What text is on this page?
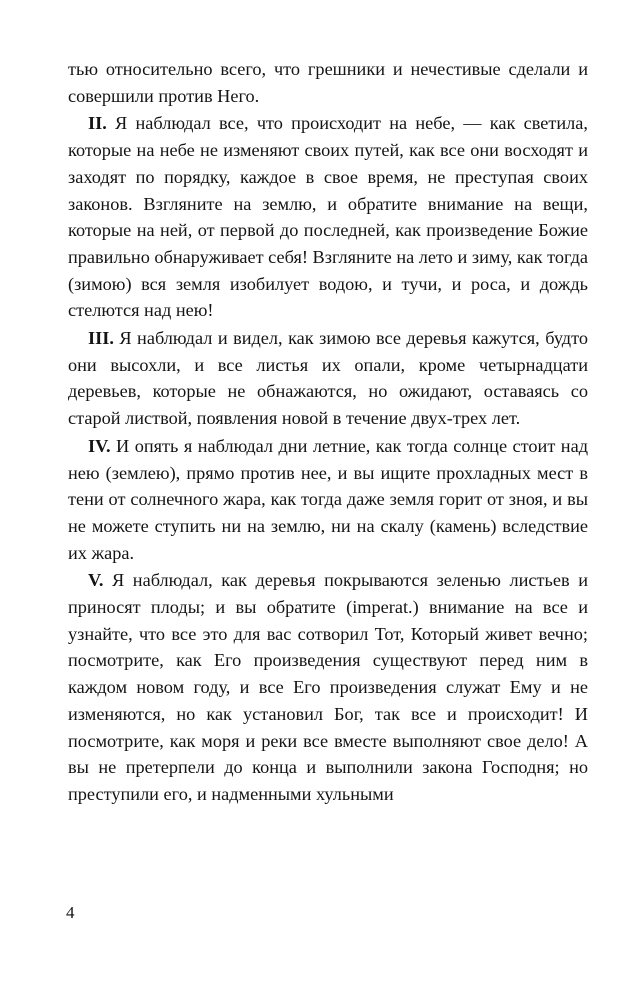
тью относительно всего, что грешники и нечестивые сделали и совершили против Него.

II. Я наблюдал все, что происходит на небе, — как светила, которые на небе не изменяют своих путей, как все они восходят и заходят по порядку, каждое в свое время, не преступая своих законов. Взгляните на землю, и обратите внимание на вещи, которые на ней, от первой до последней, как произведение Божие правильно обнаруживает себя! Взгляните на лето и зиму, как тогда (зимою) вся земля изобилует водою, и тучи, и роса, и дождь стелются над нею!

III. Я наблюдал и видел, как зимою все деревья кажутся, будто они высохли, и все листья их опали, кроме четырнадцати деревьев, которые не обнажаются, но ожидают, оставаясь со старой листвой, появления новой в течение двух-трех лет.

IV. И опять я наблюдал дни летние, как тогда солнце стоит над нею (землею), прямо против нее, и вы ищите прохладных мест в тени от солнечного жара, как тогда даже земля горит от зноя, и вы не можете ступить ни на землю, ни на скалу (камень) вследствие их жара.

V. Я наблюдал, как деревья покрываются зеленью листьев и приносят плоды; и вы обратите (imperat.) внимание на все и узнайте, что все это для вас сотворил Тот, Который живет вечно; посмотрите, как Его произведения существуют перед ним в каждом новом году, и все Его произведения служат Ему и не изменяются, но как установил Бог, так все и происходит! И посмотрите, как моря и реки все вместе выполняют свое дело! А вы не претерпели до конца и выполнили закона Господня; но преступили его, и надменными хульными

4
